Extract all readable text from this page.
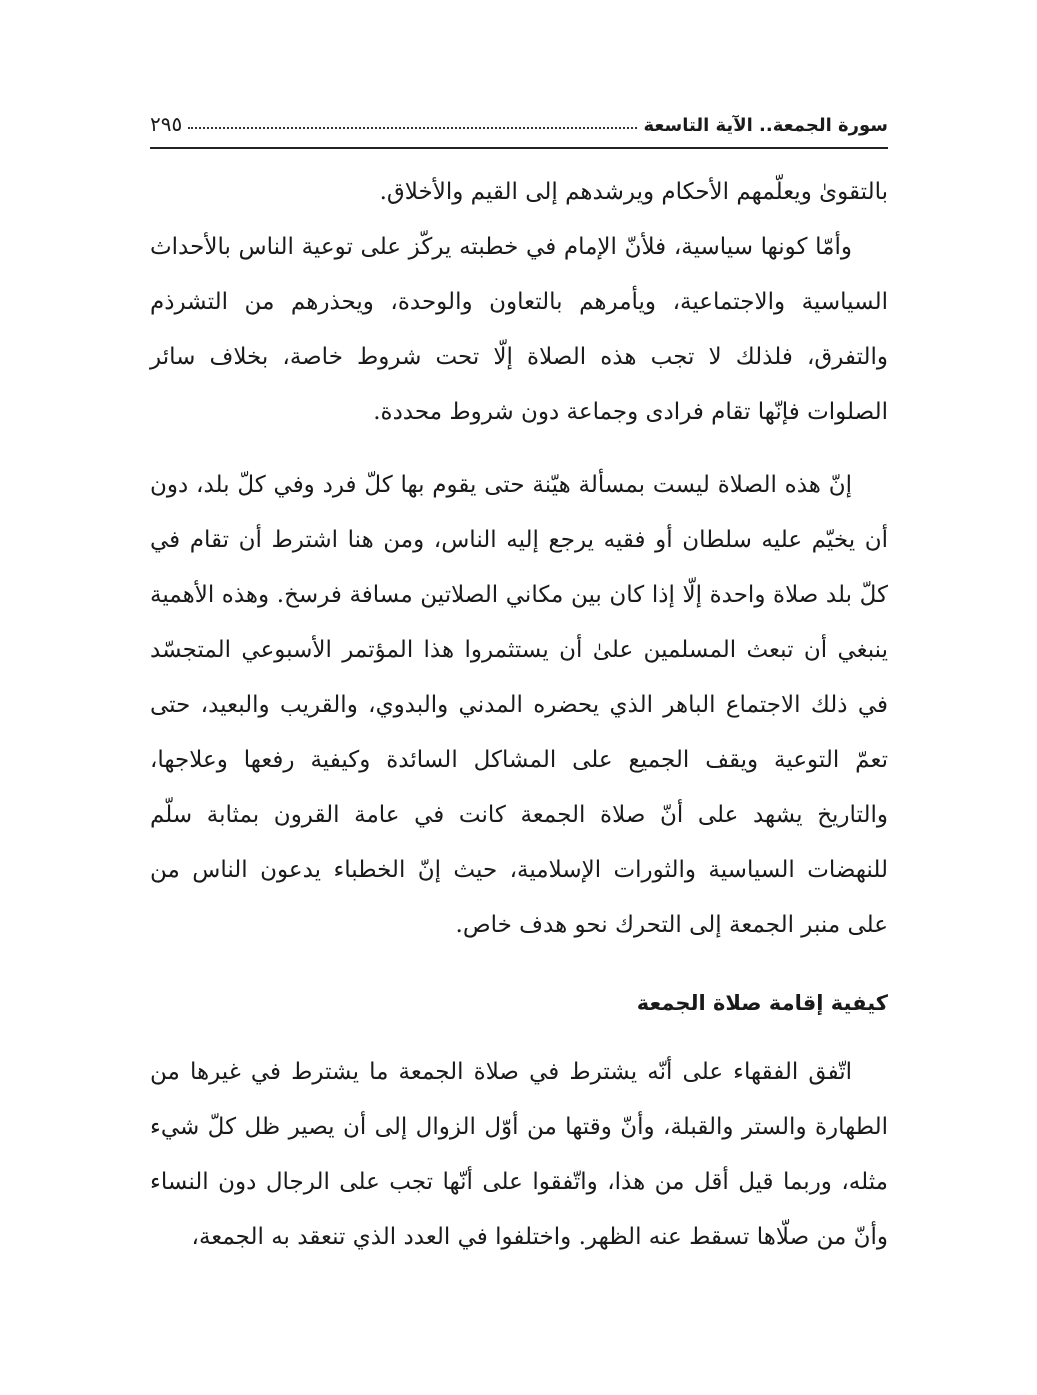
سورة الجمعة.. الآية التاسعة
٢٩٥

بالتقوىٰ ويعلّمهم الأحكام ويرشدهم إلى القيم والأخلاق.

وأمّا كونها سياسية، فلأنّ الإمام في خطبته يركّز على توعية الناس بالأحداث السياسية والاجتماعية، ويأمرهم بالتعاون والوحدة، ويحذرهم من التشرذم والتفرق، فلذلك لا تجب هذه الصلاة إلّا تحت شروط خاصة، بخلاف سائر الصلوات فإنّها تقام فرادى وجماعة دون شروط محددة.

إنّ هذه الصلاة ليست بمسألة هيّنة حتى يقوم بها كلّ فرد وفي كلّ بلد، دون أن يخيّم عليه سلطان أو فقيه يرجع إليه الناس، ومن هنا اشترط أن تقام في كلّ بلد صلاة واحدة إلّا إذا كان بين مكاني الصلاتين مسافة فرسخ. وهذه الأهمية ينبغي أن تبعث المسلمين علىٰ أن يستثمروا هذا المؤتمر الأسبوعي المتجسّد في ذلك الاجتماع الباهر الذي يحضره المدني والبدوي، والقريب والبعيد، حتى تعمّ التوعية ويقف الجميع على المشاكل السائدة وكيفية رفعها وعلاجها، والتاريخ يشهد على أنّ صلاة الجمعة كانت في عامة القرون بمثابة سلّم للنهضات السياسية والثورات الإسلامية، حيث إنّ الخطباء يدعون الناس من على منبر الجمعة إلى التحرك نحو هدف خاص.

كيفية إقامة صلاة الجمعة

اتّفق الفقهاء على أنّه يشترط في صلاة الجمعة ما يشترط في غيرها من الطهارة والستر والقبلة، وأنّ وقتها من أوّل الزوال إلى أن يصير ظل كلّ شيء مثله، وربما قيل أقل من هذا، واتّفقوا على أنّها تجب على الرجال دون النساء وأنّ من صلّاها تسقط عنه الظهر. واختلفوا في العدد الذي تنعقد به الجمعة،
